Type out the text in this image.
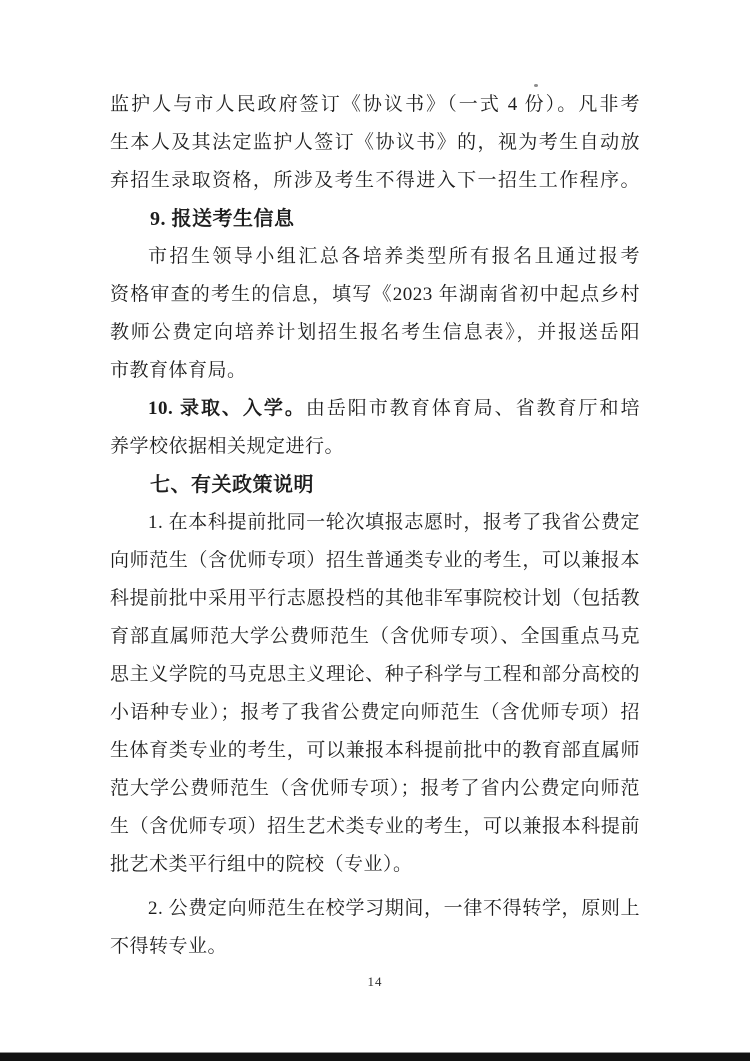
监护人与市人民政府签订《协议书》（一式 4 份）。凡非考
生本人及其法定监护人签订《协议书》的，视为考生自动放
弃招生录取资格，所涉及考生不得进入下一招生工作程序。
9. 报送考生信息
市招生领导小组汇总各培养类型所有报名且通过报考
资格审查的考生的信息，填写《2023 年湖南省初中起点乡村
教师公费定向培养计划招生报名考生信息表》，并报送岳阳
市教育体育局。
10. 录取、入学。由岳阳市教育体育局、省教育厅和培
养学校依据相关规定进行。
七、有关政策说明
1. 在本科提前批同一轮次填报志愿时，报考了我省公费定
向师范生（含优师专项）招生普通类专业的考生，可以兼报本
科提前批中采用平行志愿投档的其他非军事院校计划（包括教
育部直属师范大学公费师范生（含优师专项）、全国重点马克
思主义学院的马克思主义理论、种子科学与工程和部分高校的
小语种专业）；报考了我省公费定向师范生（含优师专项）招
生体育类专业的考生，可以兼报本科提前批中的教育部直属师
范大学公费师范生（含优师专项）；报考了省内公费定向师范
生（含优师专项）招生艺术类专业的考生，可以兼报本科提前
批艺术类平行组中的院校（专业）。
2. 公费定向师范生在校学习期间，一律不得转学，原则上
不得转专业。
14
